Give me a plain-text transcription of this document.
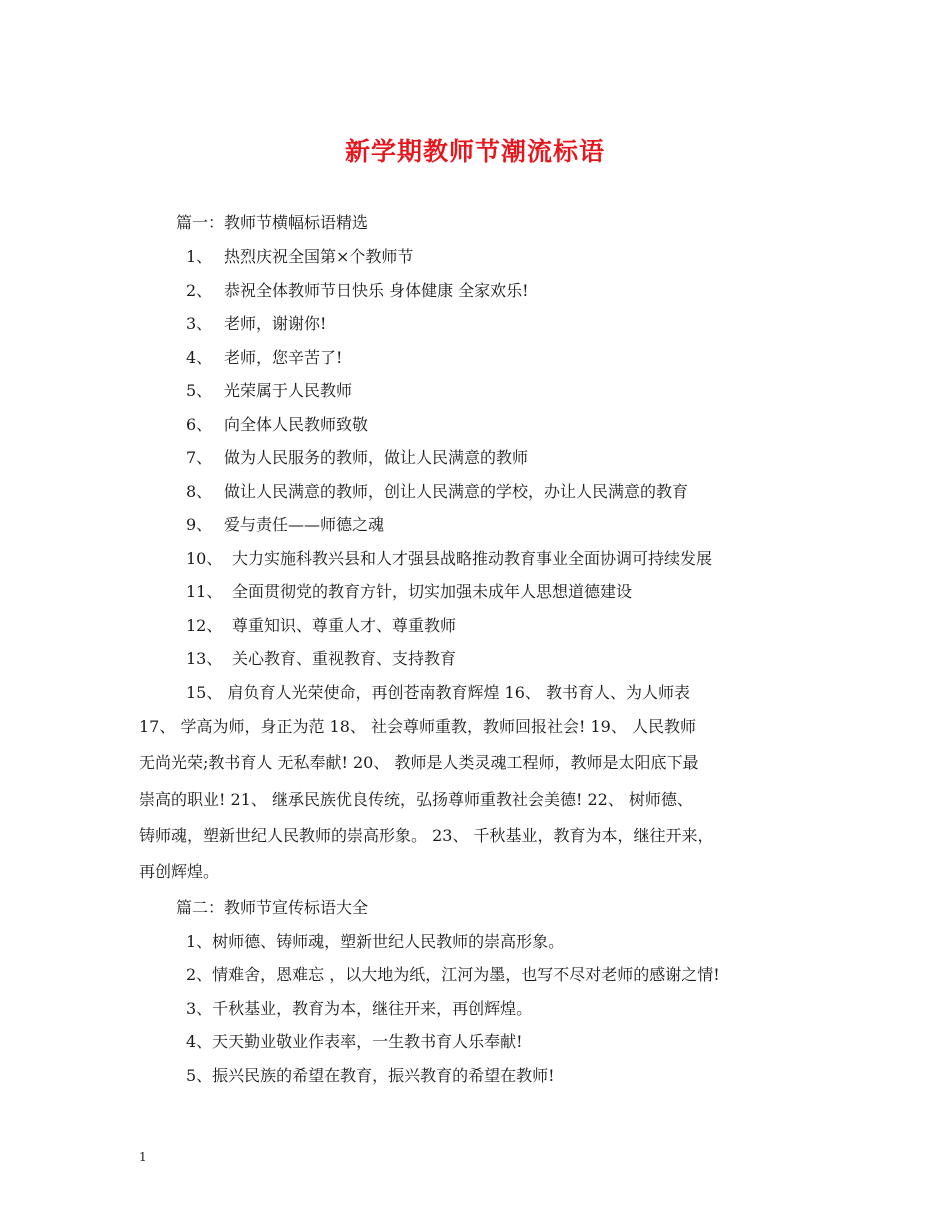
新学期教师节潮流标语

篇一：教师节横幅标语精选

1、 热烈庆祝全国第×个教师节

2、 恭祝全体教师节日快乐 身体健康 全家欢乐!

3、 老师，谢谢你!

4、 老师，您辛苦了!

5、 光荣属于人民教师

6、 向全体人民教师致敬

7、 做为人民服务的教师，做让人民满意的教师

8、 做让人民满意的教师，创让人民满意的学校，办让人民满意的教育

9、 爱与责任——师德之魂

10、 大力实施科教兴县和人才强县战略推动教育事业全面协调可持续发展

11、 全面贯彻党的教育方针，切实加强未成年人思想道德建设

12、 尊重知识、尊重人才、尊重教师

13、 关心教育、重视教育、支持教育

15、 肩负育人光荣使命，再创苍南教育辉煌 16、 教书育人、为人师表

17、 学高为师，身正为范 18、 社会尊师重教，教师回报社会! 19、 人民教师

无尚光荣;教书育人 无私奉献! 20、 教师是人类灵魂工程师，教师是太阳底下最

崇高的职业! 21、 继承民族优良传统，弘扬尊师重教社会美德! 22、 树师德、

铸师魂，塑新世纪人民教师的崇高形象。 23、 千秋基业，教育为本，继往开来，

再创辉煌。

篇二：教师节宣传标语大全

1、树师德、铸师魂，塑新世纪人民教师的崇高形象。

2、情难舍，恩难忘 ，以大地为纸，江河为墨，也写不尽对老师的感谢之情!

3、千秋基业，教育为本，继往开来，再创辉煌。

4、天天勤业敬业作表率，一生教书育人乐奉献!

5、振兴民族的希望在教育，振兴教育的希望在教师!

1
